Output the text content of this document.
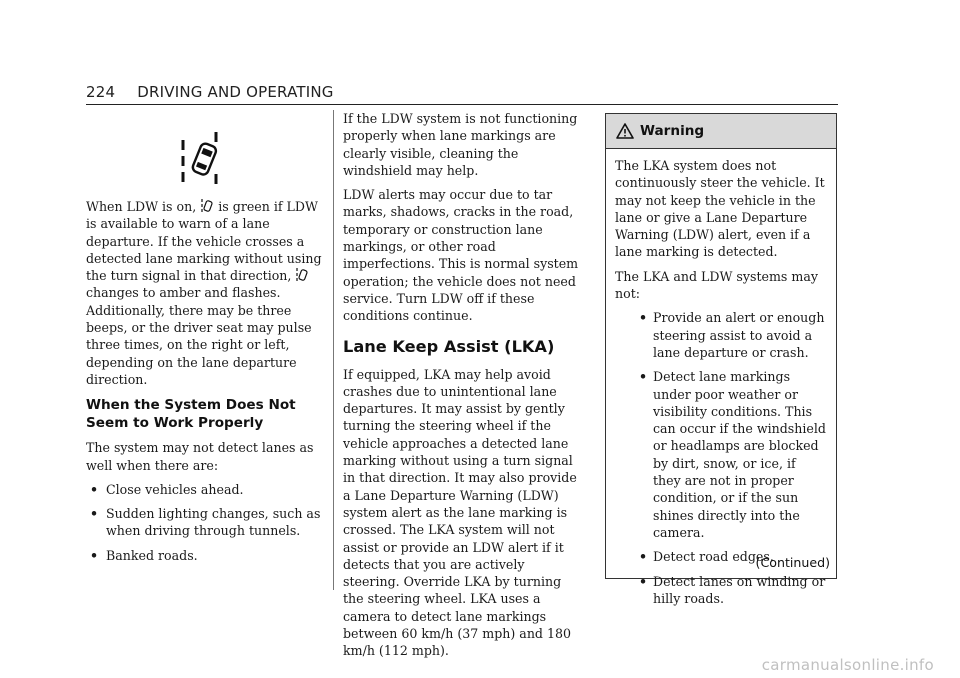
224 DRIVING AND OPERATING

When LDW is on, is green if LDW is available to warn of a lane departure. If the vehicle crosses a detected lane marking without using the turn signal in that direction,  changes to amber and flashes. Additionally, there may be three beeps, or the driver seat may pulse three times, on the right or left, depending on the lane departure direction.

When the System Does Not Seem to Work Properly

The system may not detect lanes as well when there are:

• Close vehicles ahead.
• Sudden lighting changes, such as when driving through tunnels.
• Banked roads.

If the LDW system is not functioning properly when lane markings are clearly visible, cleaning the windshield may help.

LDW alerts may occur due to tar marks, shadows, cracks in the road, temporary or construction lane markings, or other road imperfections. This is normal system operation; the vehicle does not need service. Turn LDW off if these conditions continue.

Lane Keep Assist (LKA)

If equipped, LKA may help avoid crashes due to unintentional lane departures. It may assist by gently turning the steering wheel if the vehicle approaches a detected lane marking without using a turn signal in that direction. It may also provide a Lane Departure Warning (LDW) system alert as the lane marking is crossed. The LKA system will not assist or provide an LDW alert if it detects that you are actively steering. Override LKA by turning the steering wheel. LKA uses a camera to detect lane markings between 60 km/h (37 mph) and 180 km/h (112 mph).

Warning

The LKA system does not continuously steer the vehicle. It may not keep the vehicle in the lane or give a Lane Departure Warning (LDW) alert, even if a lane marking is detected.

The LKA and LDW systems may not:

• Provide an alert or enough steering assist to avoid a lane departure or crash.
• Detect lane markings under poor weather or visibility conditions. This can occur if the windshield or headlamps are blocked by dirt, snow, or ice, if they are not in proper condition, or if the sun shines directly into the camera.
• Detect road edges.
• Detect lanes on winding or hilly roads.
(Continued)
carmanualsonline.info
